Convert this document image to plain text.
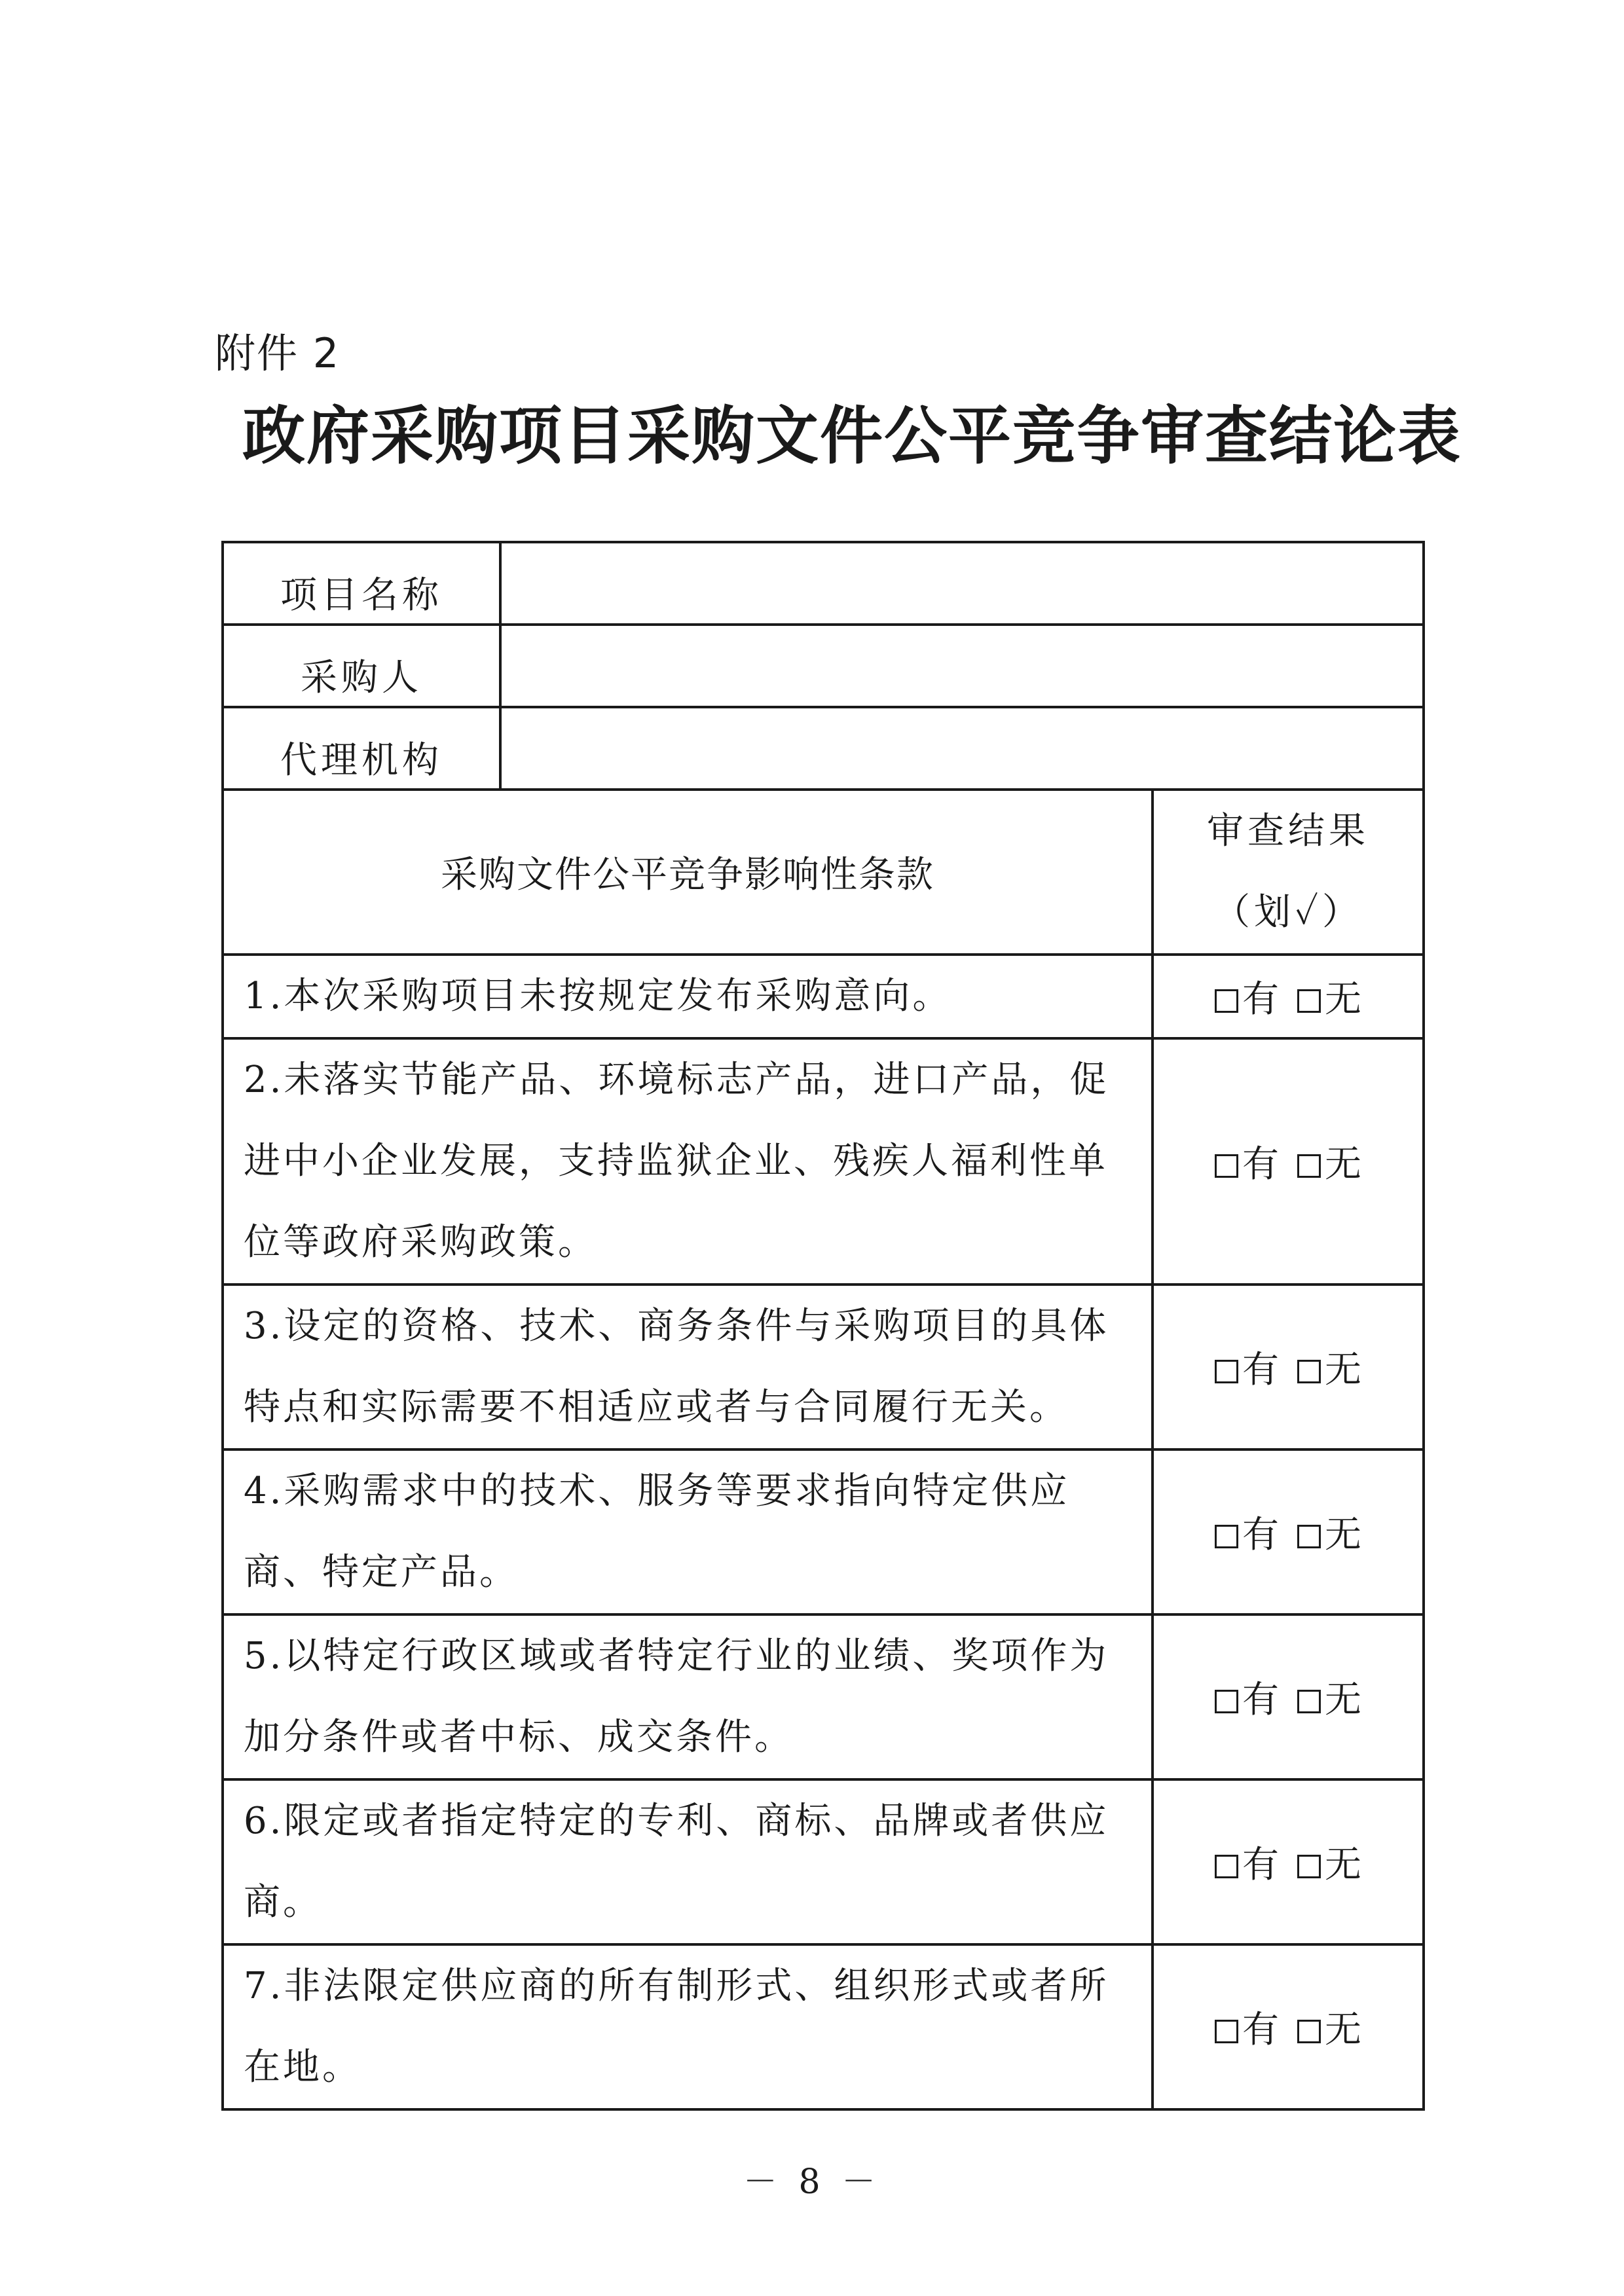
附件 2
政府采购项目采购文件公平竞争审查结论表
项目名称		
采购人		
代理机构		
采购文件公平竞争影响性条款		审查结果
（划✓）

1.本次采购项目未按规定发布采购意向。		有 无
2.未落实节能产品、环境标志产品，进口产品，促进中小企业发展，支持监狱企业、残疾人福利性单位等政府采购政策。		有 无
3.设定的资格、技术、商务条件与采购项目的具体特点和实际需要不相适应或者与合同履行无关。		有 无
4.采购需求中的技术、服务等要求指向特定供应商、特定产品。		有 无
5.以特定行政区域或者特定行业的业绩、奖项作为加分条件或者中标、成交条件。		有 无
6.限定或者指定特定的专利、商标、品牌或者供应商。		有 无
7.非法限定供应商的所有制形式、组织形式或者所在地。		有 无
－ 8 －
